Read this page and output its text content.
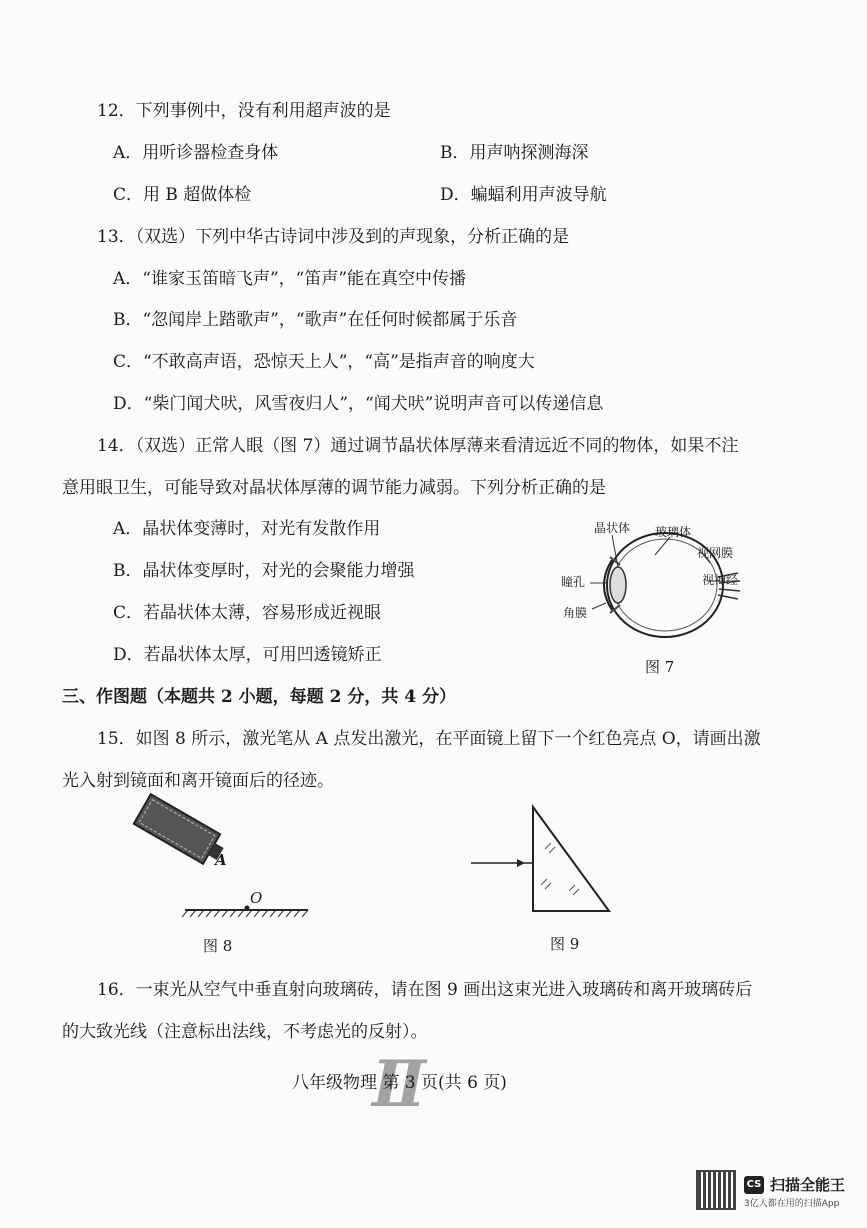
12．下列事例中，没有利用超声波的是
A．用听诊器检查身体	B．用声呐探测海深
C．用 B 超做体检	D．蝙蝠利用声波导航
13．（双选）下列中华古诗词中涉及到的声现象，分析正确的是
A．“谁家玉笛暗飞声”，“笛声”能在真空中传播
B．“忽闻岸上踏歌声”，“歌声”在任何时候都属于乐音
C．“不敢高声语，恐惊天上人”，“高”是指声音的响度大
D．“柴门闻犬吠，风雪夜归人”，“闻犬吠”说明声音可以传递信息
14．（双选）正常人眼（图 7）通过调节晶状体厚薄来看清远近不同的物体，如果不注
意用眼卫生，可能导致对晶状体厚薄的调节能力减弱。下列分析正确的是
A．晶状体变薄时，对光有发散作用
B．晶状体变厚时，对光的会聚能力增强
C．若晶状体太薄，容易形成近视眼
D．若晶状体太厚，可用凹透镜矫正
晶状体 玻璃体
视网膜
瞳孔	视神经
角膜
图 7
三、作图题（本题共 2 小题，每题 2 分，共 4 分）
15．如图 8 所示，激光笔从 A 点发出激光，在平面镜上留下一个红色亮点 O，请画出激
光入射到镜面和离开镜面后的径迹。
A
O
图 8	图 9
16．一束光从空气中垂直射向玻璃砖，请在图 9 画出这束光进入玻璃砖和离开玻璃砖后
的大致光线（注意标出法线，不考虑光的反射）。
II
八年级物理 第 3 页(共 6 页)
CS 扫描全能王
3亿人都在用的扫描App
